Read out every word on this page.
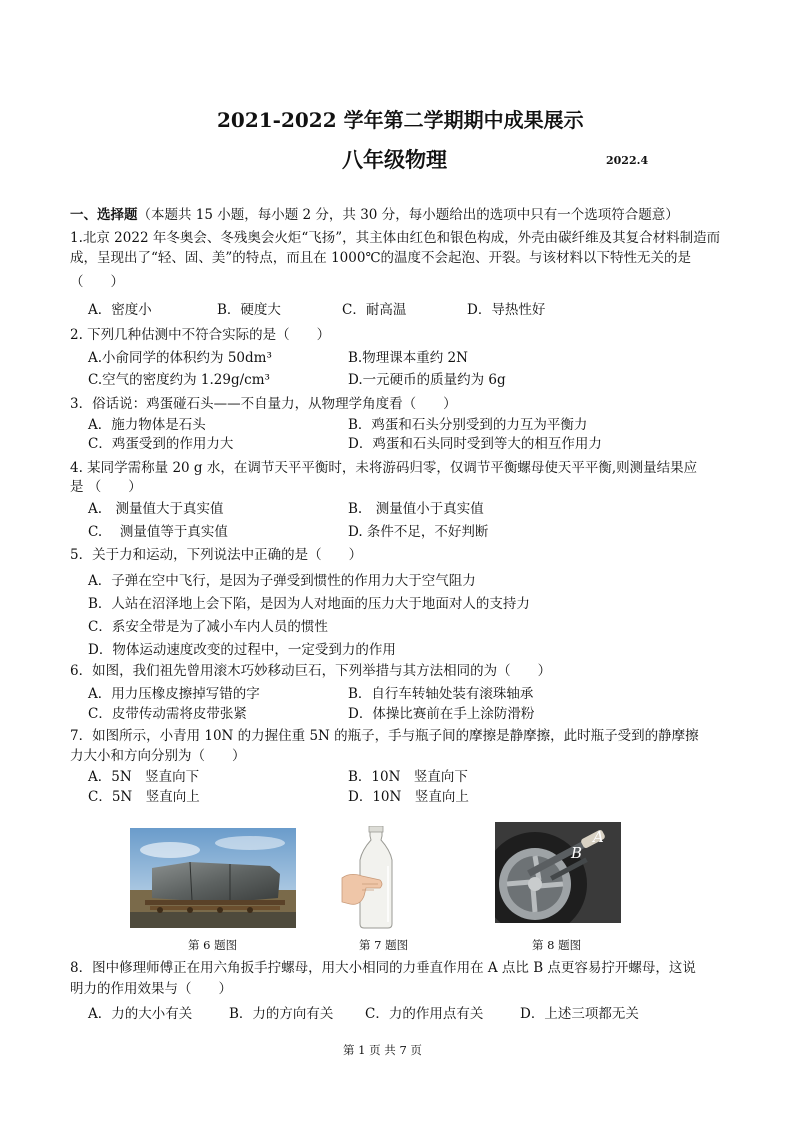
2021-2022 学年第二学期期中成果展示
八年级物理	2022.4
一、选择题（本题共 15 小题，每小题 2 分，共 30 分，每小题给出的选项中只有一个选项符合题意）
1.北京 2022 年冬奥会、冬残奥会火炬“飞扬”，其主体由红色和银色构成，外壳由碳纤维及其复合材料制造而
成，呈现出了“轻、固、美”的特点，而且在 1000℃的温度不会起泡、开裂。与该材料以下特性无关的是
（　　）
A．密度小	B．硬度大	C．耐高温	D．导热性好
2. 下列几种估测中不符合实际的是（　　）
A.小俞同学的体积约为 50dm³	B.物理课本重约 2N
C.空气的密度约为 1.29g/cm³	D.一元硬币的质量约为 6g
3．俗话说：鸡蛋碰石头——不自量力，从物理学角度看（　　）
A．施力物体是石头	B．鸡蛋和石头分别受到的力互为平衡力
C．鸡蛋受到的作用力大	D．鸡蛋和石头同时受到等大的相互作用力
4. 某同学需称量 20 g 水，在调节天平平衡时，未将游码归零，仅调节平衡螺母使天平平衡,则测量结果应
是 （　　）
A.　测量值大于真实值	B.　测量值小于真实值
C.　 测量值等于真实值	D. 条件不足，不好判断
5．关于力和运动，下列说法中正确的是（　　）
A．子弹在空中飞行，是因为子弹受到惯性的作用力大于空气阻力
B．人站在沼泽地上会下陷，是因为人对地面的压力大于地面对人的支持力
C．系安全带是为了减小车内人员的惯性
D．物体运动速度改变的过程中，一定受到力的作用
6．如图，我们祖先曾用滚木巧妙移动巨石，下列举措与其方法相同的为（　　）
A．用力压橡皮擦掉写错的字	B．自行车转轴处装有滚珠轴承
C．皮带传动需将皮带张紧	D．体操比赛前在手上涂防滑粉
7．如图所示，小青用 10N 的力握住重 5N 的瓶子，手与瓶子间的摩擦是静摩擦，此时瓶子受到的静摩擦
力大小和方向分别为（　　）
A．5N　竖直向下	B．10N　竖直向下
C．5N　竖直向上	D．10N　竖直向上
第 6 题图	第 7 题图
A
B
第 8 题图
8．图中修理师傅正在用六角扳手拧螺母，用大小相同的力垂直作用在 A 点比 B 点更容易拧开螺母，这说
明力的作用效果与（　　）
A．力的大小有关	B．力的方向有关 C．力的作用点有关	D．上述三项都无关
第 1 页 共 7 页
